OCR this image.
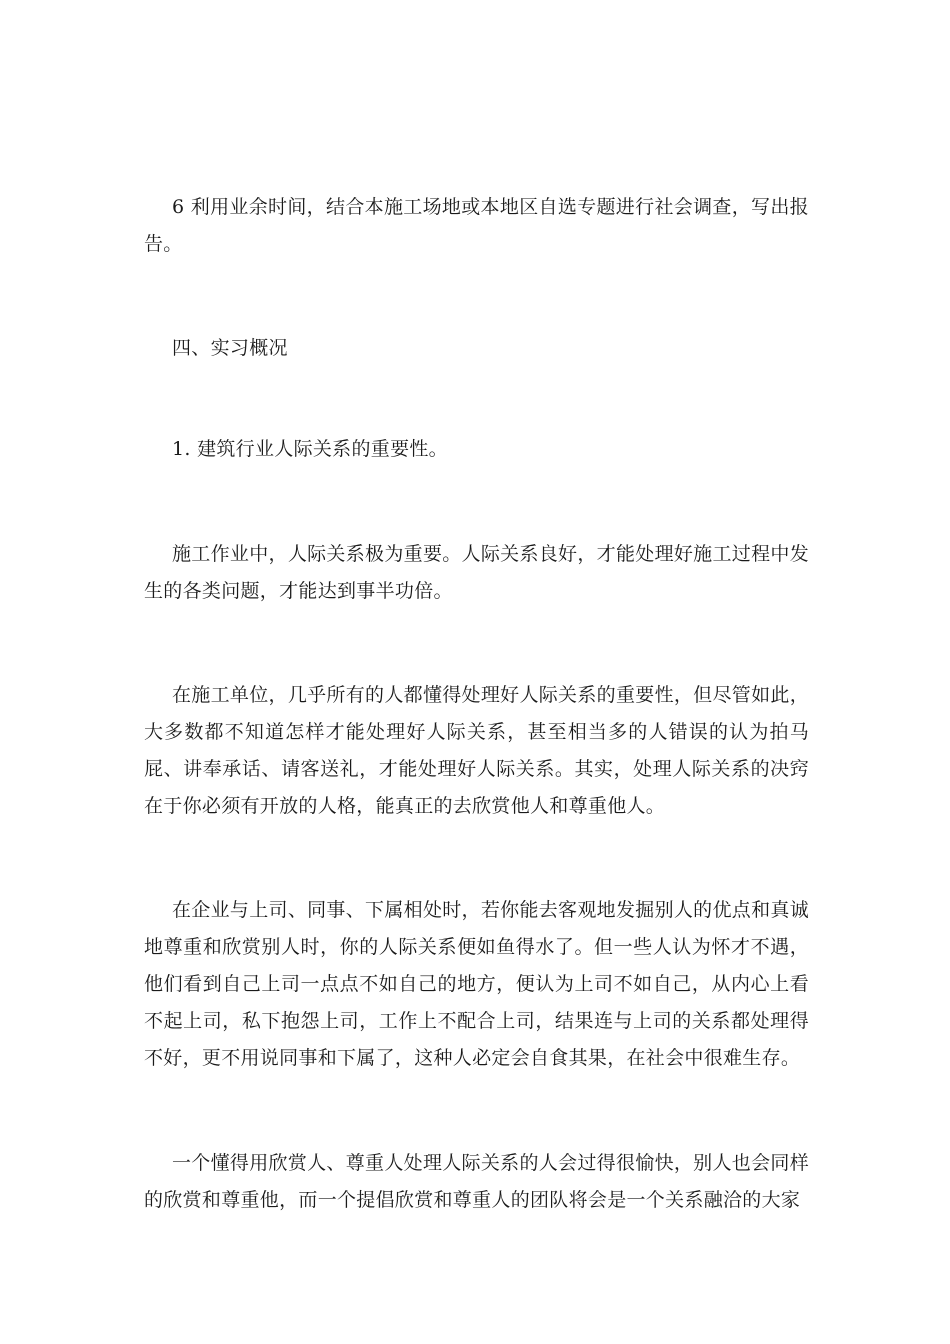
6 利用业余时间，结合本施工场地或本地区自选专题进行社会调查，写出报告。

四、实习概况

1. 建筑行业人际关系的重要性。

施工作业中，人际关系极为重要。人际关系良好，才能处理好施工过程中发生的各类问题，才能达到事半功倍。

在施工单位，几乎所有的人都懂得处理好人际关系的重要性，但尽管如此，大多数都不知道怎样才能处理好人际关系，甚至相当多的人错误的认为拍马屁、讲奉承话、请客送礼，才能处理好人际关系。其实，处理人际关系的决窍在于你必须有开放的人格，能真正的去欣赏他人和尊重他人。

在企业与上司、同事、下属相处时，若你能去客观地发掘别人的优点和真诚地尊重和欣赏别人时，你的人际关系便如鱼得水了。但一些人认为怀才不遇，他们看到自己上司一点点不如自己的地方，便认为上司不如自己，从内心上看不起上司，私下抱怨上司，工作上不配合上司，结果连与上司的关系都处理得不好，更不用说同事和下属了，这种人必定会自食其果，在社会中很难生存。

一个懂得用欣赏人、尊重人处理人际关系的人会过得很愉快，别人也会同样的欣赏和尊重他，而一个提倡欣赏和尊重人的团队将会是一个关系融洽的大家
